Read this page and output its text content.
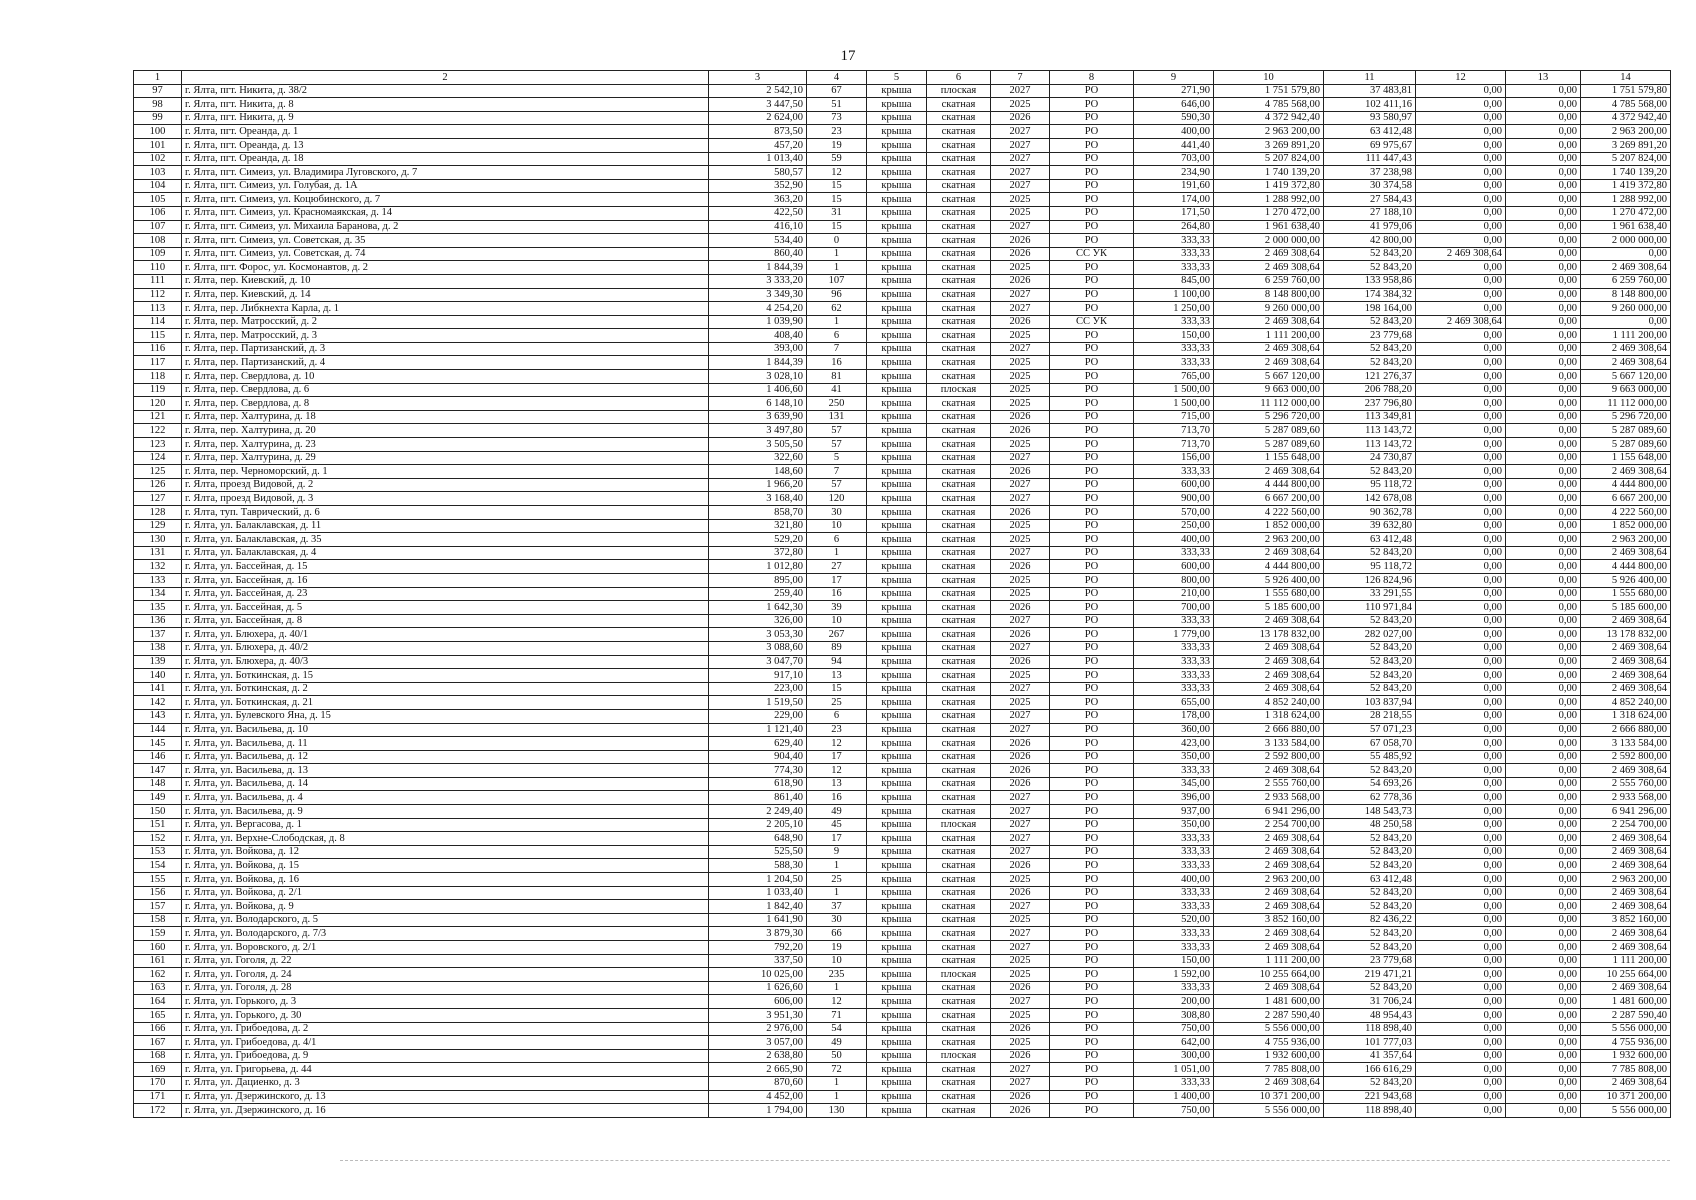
17
1	2	3	4	5	6	7	8	9	10	11	12	13	14
97	г. Ялта, пгт. Никита, д. 38/2	2 542,10	67	крыша	плоская	2027	РО	271,90	1 751 579,80	37 483,81	0,00	0,00	1 751 579,80
98	г. Ялта, пгт. Никита, д. 8	3 447,50	51	крыша	скатная	2025	РО	646,00	4 785 568,00	102 411,16	0,00	0,00	4 785 568,00
99	г. Ялта, пгт. Никита, д. 9	2 624,00	73	крыша	скатная	2026	РО	590,30	4 372 942,40	93 580,97	0,00	0,00	4 372 942,40
100	г. Ялта, пгт. Ореанда, д. 1	873,50	23	крыша	скатная	2027	РО	400,00	2 963 200,00	63 412,48	0,00	0,00	2 963 200,00
101	г. Ялта, пгт. Ореанда, д. 13	457,20	19	крыша	скатная	2027	РО	441,40	3 269 891,20	69 975,67	0,00	0,00	3 269 891,20
102	г. Ялта, пгт. Ореанда, д. 18	1 013,40	59	крыша	скатная	2027	РО	703,00	5 207 824,00	111 447,43	0,00	0,00	5 207 824,00
103	г. Ялта, пгт. Симеиз, ул. Владимира Луговского, д. 7	580,57	12	крыша	скатная	2027	РО	234,90	1 740 139,20	37 238,98	0,00	0,00	1 740 139,20
104	г. Ялта, пгт. Симеиз, ул. Голубая, д. 1А	352,90	15	крыша	скатная	2027	РО	191,60	1 419 372,80	30 374,58	0,00	0,00	1 419 372,80
105	г. Ялта, пгт. Симеиз, ул. Коцюбинского, д. 7	363,20	15	крыша	скатная	2025	РО	174,00	1 288 992,00	27 584,43	0,00	0,00	1 288 992,00
106	г. Ялта, пгт. Симеиз, ул. Красномаякская, д. 14	422,50	31	крыша	скатная	2025	РО	171,50	1 270 472,00	27 188,10	0,00	0,00	1 270 472,00
107	г. Ялта, пгт. Симеиз, ул. Михаила Баранова, д. 2	416,10	15	крыша	скатная	2027	РО	264,80	1 961 638,40	41 979,06	0,00	0,00	1 961 638,40
108	г. Ялта, пгт. Симеиз, ул. Советская, д. 35	534,40	0	крыша	скатная	2026	РО	333,33	2 000 000,00	42 800,00	0,00	0,00	2 000 000,00
109	г. Ялта, пгт. Симеиз, ул. Советская, д. 74	860,40	1	крыша	скатная	2026	СС УК	333,33	2 469 308,64	52 843,20	2 469 308,64	0,00	0,00
110	г. Ялта, пгт. Форос, ул. Космонавтов, д. 2	1 844,39	1	крыша	скатная	2025	РО	333,33	2 469 308,64	52 843,20	0,00	0,00	2 469 308,64
111	г. Ялта, пер. Киевский, д. 10	3 333,20	107	крыша	скатная	2026	РО	845,00	6 259 760,00	133 958,86	0,00	0,00	6 259 760,00
112	г. Ялта, пер. Киевский, д. 14	3 349,30	96	крыша	скатная	2027	РО	1 100,00	8 148 800,00	174 384,32	0,00	0,00	8 148 800,00
113	г. Ялта, пер. Либкнехта Карла, д. 1	4 254,20	62	крыша	скатная	2027	РО	1 250,00	9 260 000,00	198 164,00	0,00	0,00	9 260 000,00
114	г. Ялта, пер. Матросский, д. 2	1 039,90	1	крыша	скатная	2026	СС УК	333,33	2 469 308,64	52 843,20	2 469 308,64	0,00	0,00
115	г. Ялта, пер. Матросский, д. 3	408,40	6	крыша	скатная	2025	РО	150,00	1 111 200,00	23 779,68	0,00	0,00	1 111 200,00
116	г. Ялта, пер. Партизанский, д. 3	393,00	7	крыша	скатная	2027	РО	333,33	2 469 308,64	52 843,20	0,00	0,00	2 469 308,64
117	г. Ялта, пер. Партизанский, д. 4	1 844,39	16	крыша	скатная	2025	РО	333,33	2 469 308,64	52 843,20	0,00	0,00	2 469 308,64
118	г. Ялта, пер. Свердлова, д. 10	3 028,10	81	крыша	скатная	2025	РО	765,00	5 667 120,00	121 276,37	0,00	0,00	5 667 120,00
119	г. Ялта, пер. Свердлова, д. 6	1 406,60	41	крыша	плоская	2025	РО	1 500,00	9 663 000,00	206 788,20	0,00	0,00	9 663 000,00
120	г. Ялта, пер. Свердлова, д. 8	6 148,10	250	крыша	скатная	2025	РО	1 500,00	11 112 000,00	237 796,80	0,00	0,00	11 112 000,00
121	г. Ялта, пер. Халтурина, д. 18	3 639,90	131	крыша	скатная	2026	РО	715,00	5 296 720,00	113 349,81	0,00	0,00	5 296 720,00
122	г. Ялта, пер. Халтурина, д. 20	3 497,80	57	крыша	скатная	2026	РО	713,70	5 287 089,60	113 143,72	0,00	0,00	5 287 089,60
123	г. Ялта, пер. Халтурина, д. 23	3 505,50	57	крыша	скатная	2025	РО	713,70	5 287 089,60	113 143,72	0,00	0,00	5 287 089,60
124	г. Ялта, пер. Халтурина, д. 29	322,60	5	крыша	скатная	2027	РО	156,00	1 155 648,00	24 730,87	0,00	0,00	1 155 648,00
125	г. Ялта, пер. Черноморский, д. 1	148,60	7	крыша	скатная	2026	РО	333,33	2 469 308,64	52 843,20	0,00	0,00	2 469 308,64
126	г. Ялта, проезд Видовой, д. 2	1 966,20	57	крыша	скатная	2027	РО	600,00	4 444 800,00	95 118,72	0,00	0,00	4 444 800,00
127	г. Ялта, проезд Видовой, д. 3	3 168,40	120	крыша	скатная	2027	РО	900,00	6 667 200,00	142 678,08	0,00	0,00	6 667 200,00
128	г. Ялта, туп. Таврический, д. 6	858,70	30	крыша	скатная	2026	РО	570,00	4 222 560,00	90 362,78	0,00	0,00	4 222 560,00
129	г. Ялта, ул. Балаклавская, д. 11	321,80	10	крыша	скатная	2025	РО	250,00	1 852 000,00	39 632,80	0,00	0,00	1 852 000,00
130	г. Ялта, ул. Балаклавская, д. 35	529,20	6	крыша	скатная	2025	РО	400,00	2 963 200,00	63 412,48	0,00	0,00	2 963 200,00
131	г. Ялта, ул. Балаклавская, д. 4	372,80	1	крыша	скатная	2027	РО	333,33	2 469 308,64	52 843,20	0,00	0,00	2 469 308,64
132	г. Ялта, ул. Бассейная, д. 15	1 012,80	27	крыша	скатная	2026	РО	600,00	4 444 800,00	95 118,72	0,00	0,00	4 444 800,00
133	г. Ялта, ул. Бассейная, д. 16	895,00	17	крыша	скатная	2025	РО	800,00	5 926 400,00	126 824,96	0,00	0,00	5 926 400,00
134	г. Ялта, ул. Бассейная, д. 23	259,40	16	крыша	скатная	2025	РО	210,00	1 555 680,00	33 291,55	0,00	0,00	1 555 680,00
135	г. Ялта, ул. Бассейная, д. 5	1 642,30	39	крыша	скатная	2026	РО	700,00	5 185 600,00	110 971,84	0,00	0,00	5 185 600,00
136	г. Ялта, ул. Бассейная, д. 8	326,00	10	крыша	скатная	2027	РО	333,33	2 469 308,64	52 843,20	0,00	0,00	2 469 308,64
137	г. Ялта, ул. Блюхера, д. 40/1	3 053,30	267	крыша	скатная	2026	РО	1 779,00	13 178 832,00	282 027,00	0,00	0,00	13 178 832,00
138	г. Ялта, ул. Блюхера, д. 40/2	3 088,60	89	крыша	скатная	2027	РО	333,33	2 469 308,64	52 843,20	0,00	0,00	2 469 308,64
139	г. Ялта, ул. Блюхера, д. 40/3	3 047,70	94	крыша	скатная	2026	РО	333,33	2 469 308,64	52 843,20	0,00	0,00	2 469 308,64
140	г. Ялта, ул. Боткинская, д. 15	917,10	13	крыша	скатная	2025	РО	333,33	2 469 308,64	52 843,20	0,00	0,00	2 469 308,64
141	г. Ялта, ул. Боткинская, д. 2	223,00	15	крыша	скатная	2027	РО	333,33	2 469 308,64	52 843,20	0,00	0,00	2 469 308,64
142	г. Ялта, ул. Боткинская, д. 21	1 519,50	25	крыша	скатная	2025	РО	655,00	4 852 240,00	103 837,94	0,00	0,00	4 852 240,00
143	г. Ялта, ул. Булевского Яна, д. 15	229,00	6	крыша	скатная	2027	РО	178,00	1 318 624,00	28 218,55	0,00	0,00	1 318 624,00
144	г. Ялта, ул. Васильева, д. 10	1 121,40	23	крыша	скатная	2027	РО	360,00	2 666 880,00	57 071,23	0,00	0,00	2 666 880,00
145	г. Ялта, ул. Васильева, д. 11	629,40	12	крыша	скатная	2026	РО	423,00	3 133 584,00	67 058,70	0,00	0,00	3 133 584,00
146	г. Ялта, ул. Васильева, д. 12	904,40	17	крыша	скатная	2026	РО	350,00	2 592 800,00	55 485,92	0,00	0,00	2 592 800,00
147	г. Ялта, ул. Васильева, д. 13	774,30	12	крыша	скатная	2026	РО	333,33	2 469 308,64	52 843,20	0,00	0,00	2 469 308,64
148	г. Ялта, ул. Васильева, д. 14	618,90	13	крыша	скатная	2026	РО	345,00	2 555 760,00	54 693,26	0,00	0,00	2 555 760,00
149	г. Ялта, ул. Васильева, д. 4	861,40	16	крыша	скатная	2027	РО	396,00	2 933 568,00	62 778,36	0,00	0,00	2 933 568,00
150	г. Ялта, ул. Васильева, д. 9	2 249,40	49	крыша	скатная	2027	РО	937,00	6 941 296,00	148 543,73	0,00	0,00	6 941 296,00
151	г. Ялта, ул. Вергасова, д. 1	2 205,10	45	крыша	плоская	2027	РО	350,00	2 254 700,00	48 250,58	0,00	0,00	2 254 700,00
152	г. Ялта, ул. Верхне-Слободская, д. 8	648,90	17	крыша	скатная	2027	РО	333,33	2 469 308,64	52 843,20	0,00	0,00	2 469 308,64
153	г. Ялта, ул. Войкова, д. 12	525,50	9	крыша	скатная	2027	РО	333,33	2 469 308,64	52 843,20	0,00	0,00	2 469 308,64
154	г. Ялта, ул. Войкова, д. 15	588,30	1	крыша	скатная	2026	РО	333,33	2 469 308,64	52 843,20	0,00	0,00	2 469 308,64
155	г. Ялта, ул. Войкова, д. 16	1 204,50	25	крыша	скатная	2025	РО	400,00	2 963 200,00	63 412,48	0,00	0,00	2 963 200,00
156	г. Ялта, ул. Войкова, д. 2/1	1 033,40	1	крыша	скатная	2026	РО	333,33	2 469 308,64	52 843,20	0,00	0,00	2 469 308,64
157	г. Ялта, ул. Войкова, д. 9	1 842,40	37	крыша	скатная	2027	РО	333,33	2 469 308,64	52 843,20	0,00	0,00	2 469 308,64
158	г. Ялта, ул. Володарского, д. 5	1 641,90	30	крыша	скатная	2025	РО	520,00	3 852 160,00	82 436,22	0,00	0,00	3 852 160,00
159	г. Ялта, ул. Володарского, д. 7/3	3 879,30	66	крыша	скатная	2027	РО	333,33	2 469 308,64	52 843,20	0,00	0,00	2 469 308,64
160	г. Ялта, ул. Воровского, д. 2/1	792,20	19	крыша	скатная	2027	РО	333,33	2 469 308,64	52 843,20	0,00	0,00	2 469 308,64
161	г. Ялта, ул. Гоголя, д. 22	337,50	10	крыша	скатная	2025	РО	150,00	1 111 200,00	23 779,68	0,00	0,00	1 111 200,00
162	г. Ялта, ул. Гоголя, д. 24	10 025,00	235	крыша	плоская	2025	РО	1 592,00	10 255 664,00	219 471,21	0,00	0,00	10 255 664,00
163	г. Ялта, ул. Гоголя, д. 28	1 626,60	1	крыша	скатная	2026	РО	333,33	2 469 308,64	52 843,20	0,00	0,00	2 469 308,64
164	г. Ялта, ул. Горького, д. 3	606,00	12	крыша	скатная	2027	РО	200,00	1 481 600,00	31 706,24	0,00	0,00	1 481 600,00
165	г. Ялта, ул. Горького, д. 30	3 951,30	71	крыша	скатная	2025	РО	308,80	2 287 590,40	48 954,43	0,00	0,00	2 287 590,40
166	г. Ялта, ул. Грибоедова, д. 2	2 976,00	54	крыша	скатная	2026	РО	750,00	5 556 000,00	118 898,40	0,00	0,00	5 556 000,00
167	г. Ялта, ул. Грибоедова, д. 4/1	3 057,00	49	крыша	скатная	2025	РО	642,00	4 755 936,00	101 777,03	0,00	0,00	4 755 936,00
168	г. Ялта, ул. Грибоедова, д. 9	2 638,80	50	крыша	плоская	2026	РО	300,00	1 932 600,00	41 357,64	0,00	0,00	1 932 600,00
169	г. Ялта, ул. Григорьева, д. 44	2 665,90	72	крыша	скатная	2027	РО	1 051,00	7 785 808,00	166 616,29	0,00	0,00	7 785 808,00
170	г. Ялта, ул. Дациенко, д. 3	870,60	1	крыша	скатная	2027	РО	333,33	2 469 308,64	52 843,20	0,00	0,00	2 469 308,64
171	г. Ялта, ул. Дзержинского, д. 13	4 452,00	1	крыша	скатная	2026	РО	1 400,00	10 371 200,00	221 943,68	0,00	0,00	10 371 200,00
172	г. Ялта, ул. Дзержинского, д. 16	1 794,00	130	крыша	скатная	2026	РО	750,00	5 556 000,00	118 898,40	0,00	0,00	5 556 000,00
